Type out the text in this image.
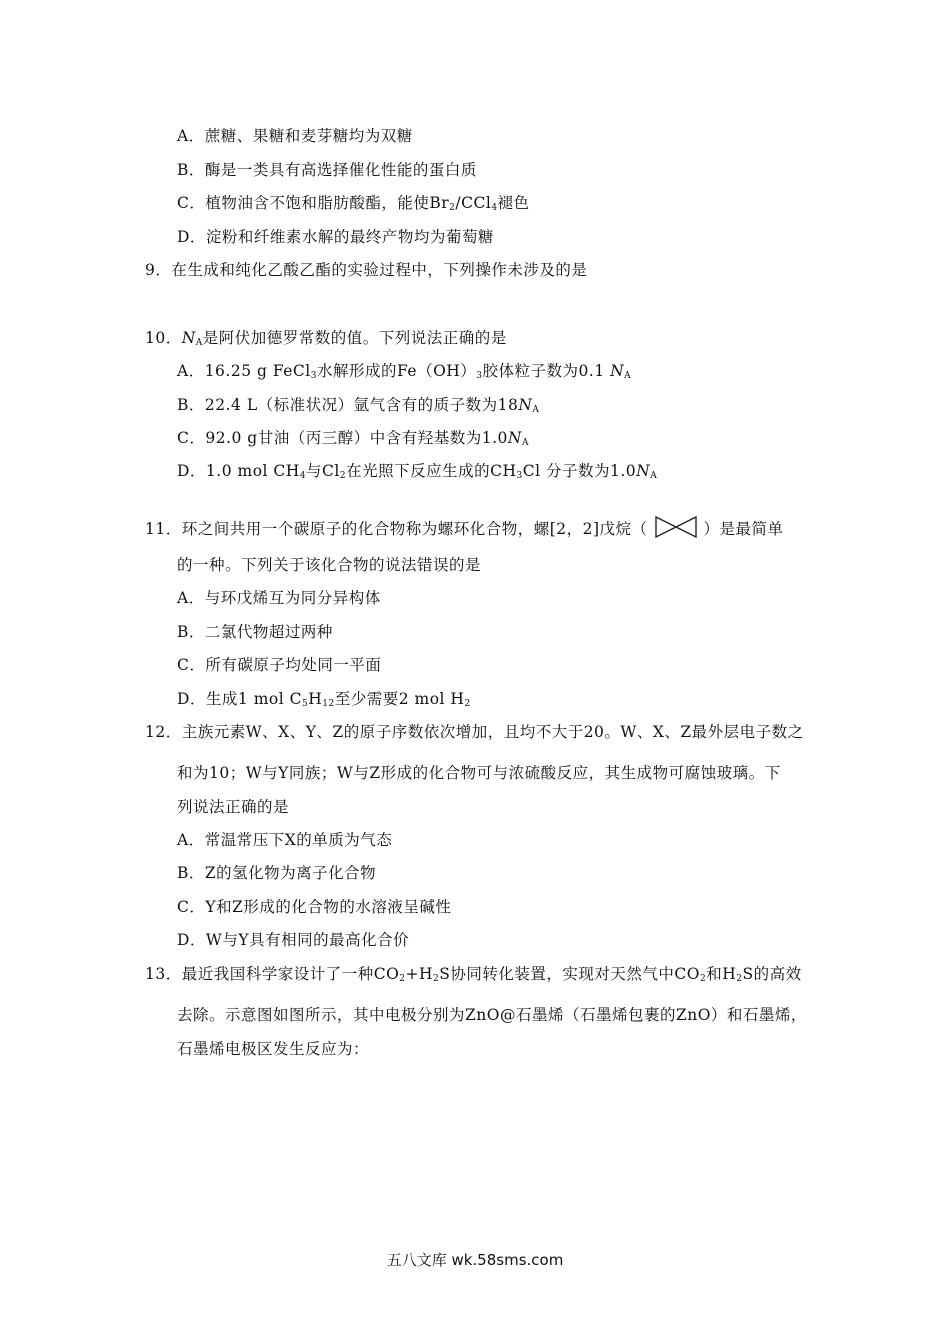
A．蔗糖、果糖和麦芽糖均为双糖
B．酶是一类具有高选择催化性能的蛋白质
C．植物油含不饱和脂肪酸酯，能使$Br_2/CCl_4$褪色
D．淀粉和纤维素水解的最终产物均为葡萄糖
9．在生成和纯化乙酸乙酯的实验过程中，下列操作未涉及的是
10．$N_A$是阿伏加德罗常数的值。下列说法正确的是
A．16.25 g FeCl$_3$水解形成的$Fe(OH)_3$胶体粒子数为0.1 $N_A$
B．22.4 L（标准状况）氩气含有的质子数为$18N_A$
C．92.0 g甘油（丙三醇）中含有羟基数为$1.0N_A$
D．1.0 mol $CH_4$与$Cl_2$在光照下反应生成的$CH_3Cl$ 分子数为$1.0N_A$
11．环之间共用一个碳原子的化合物称为螺环化合物，螺[2，2]戊烷（	）是最简单
的一种。下列关于该化合物的说法错误的是
A．与环戊烯互为同分异构体
B．二氯代物超过两种
C．所有碳原子均处同一平面
D．生成1 mol $C_5H_{12}$至少需要2 mol $H_2$
12．主族元素W、X、Y、Z的原子序数依次增加，且均不大于20。W、X、Z最外层电子数之
和为10；W与Y同族；W与Z形成的化合物可与浓硫酸反应，其生成物可腐蚀玻璃。下
列说法正确的是
A．常温常压下X的单质为气态
B．Z的氢化物为离子化合物
C．Y和Z形成的化合物的水溶液呈碱性
D．W与Y具有相同的最高化合价
13．最近我国科学家设计了一种$CO_2+H_2S$协同转化装置，实现对天然气中$CO_2$和$H_2S$的高效
去除。示意图如图所示，其中电极分别为ZnO@石墨烯（石墨烯包裹的ZnO）和石墨烯，
石墨烯电极区发生反应为：
五八文库 wk.58sms.com
